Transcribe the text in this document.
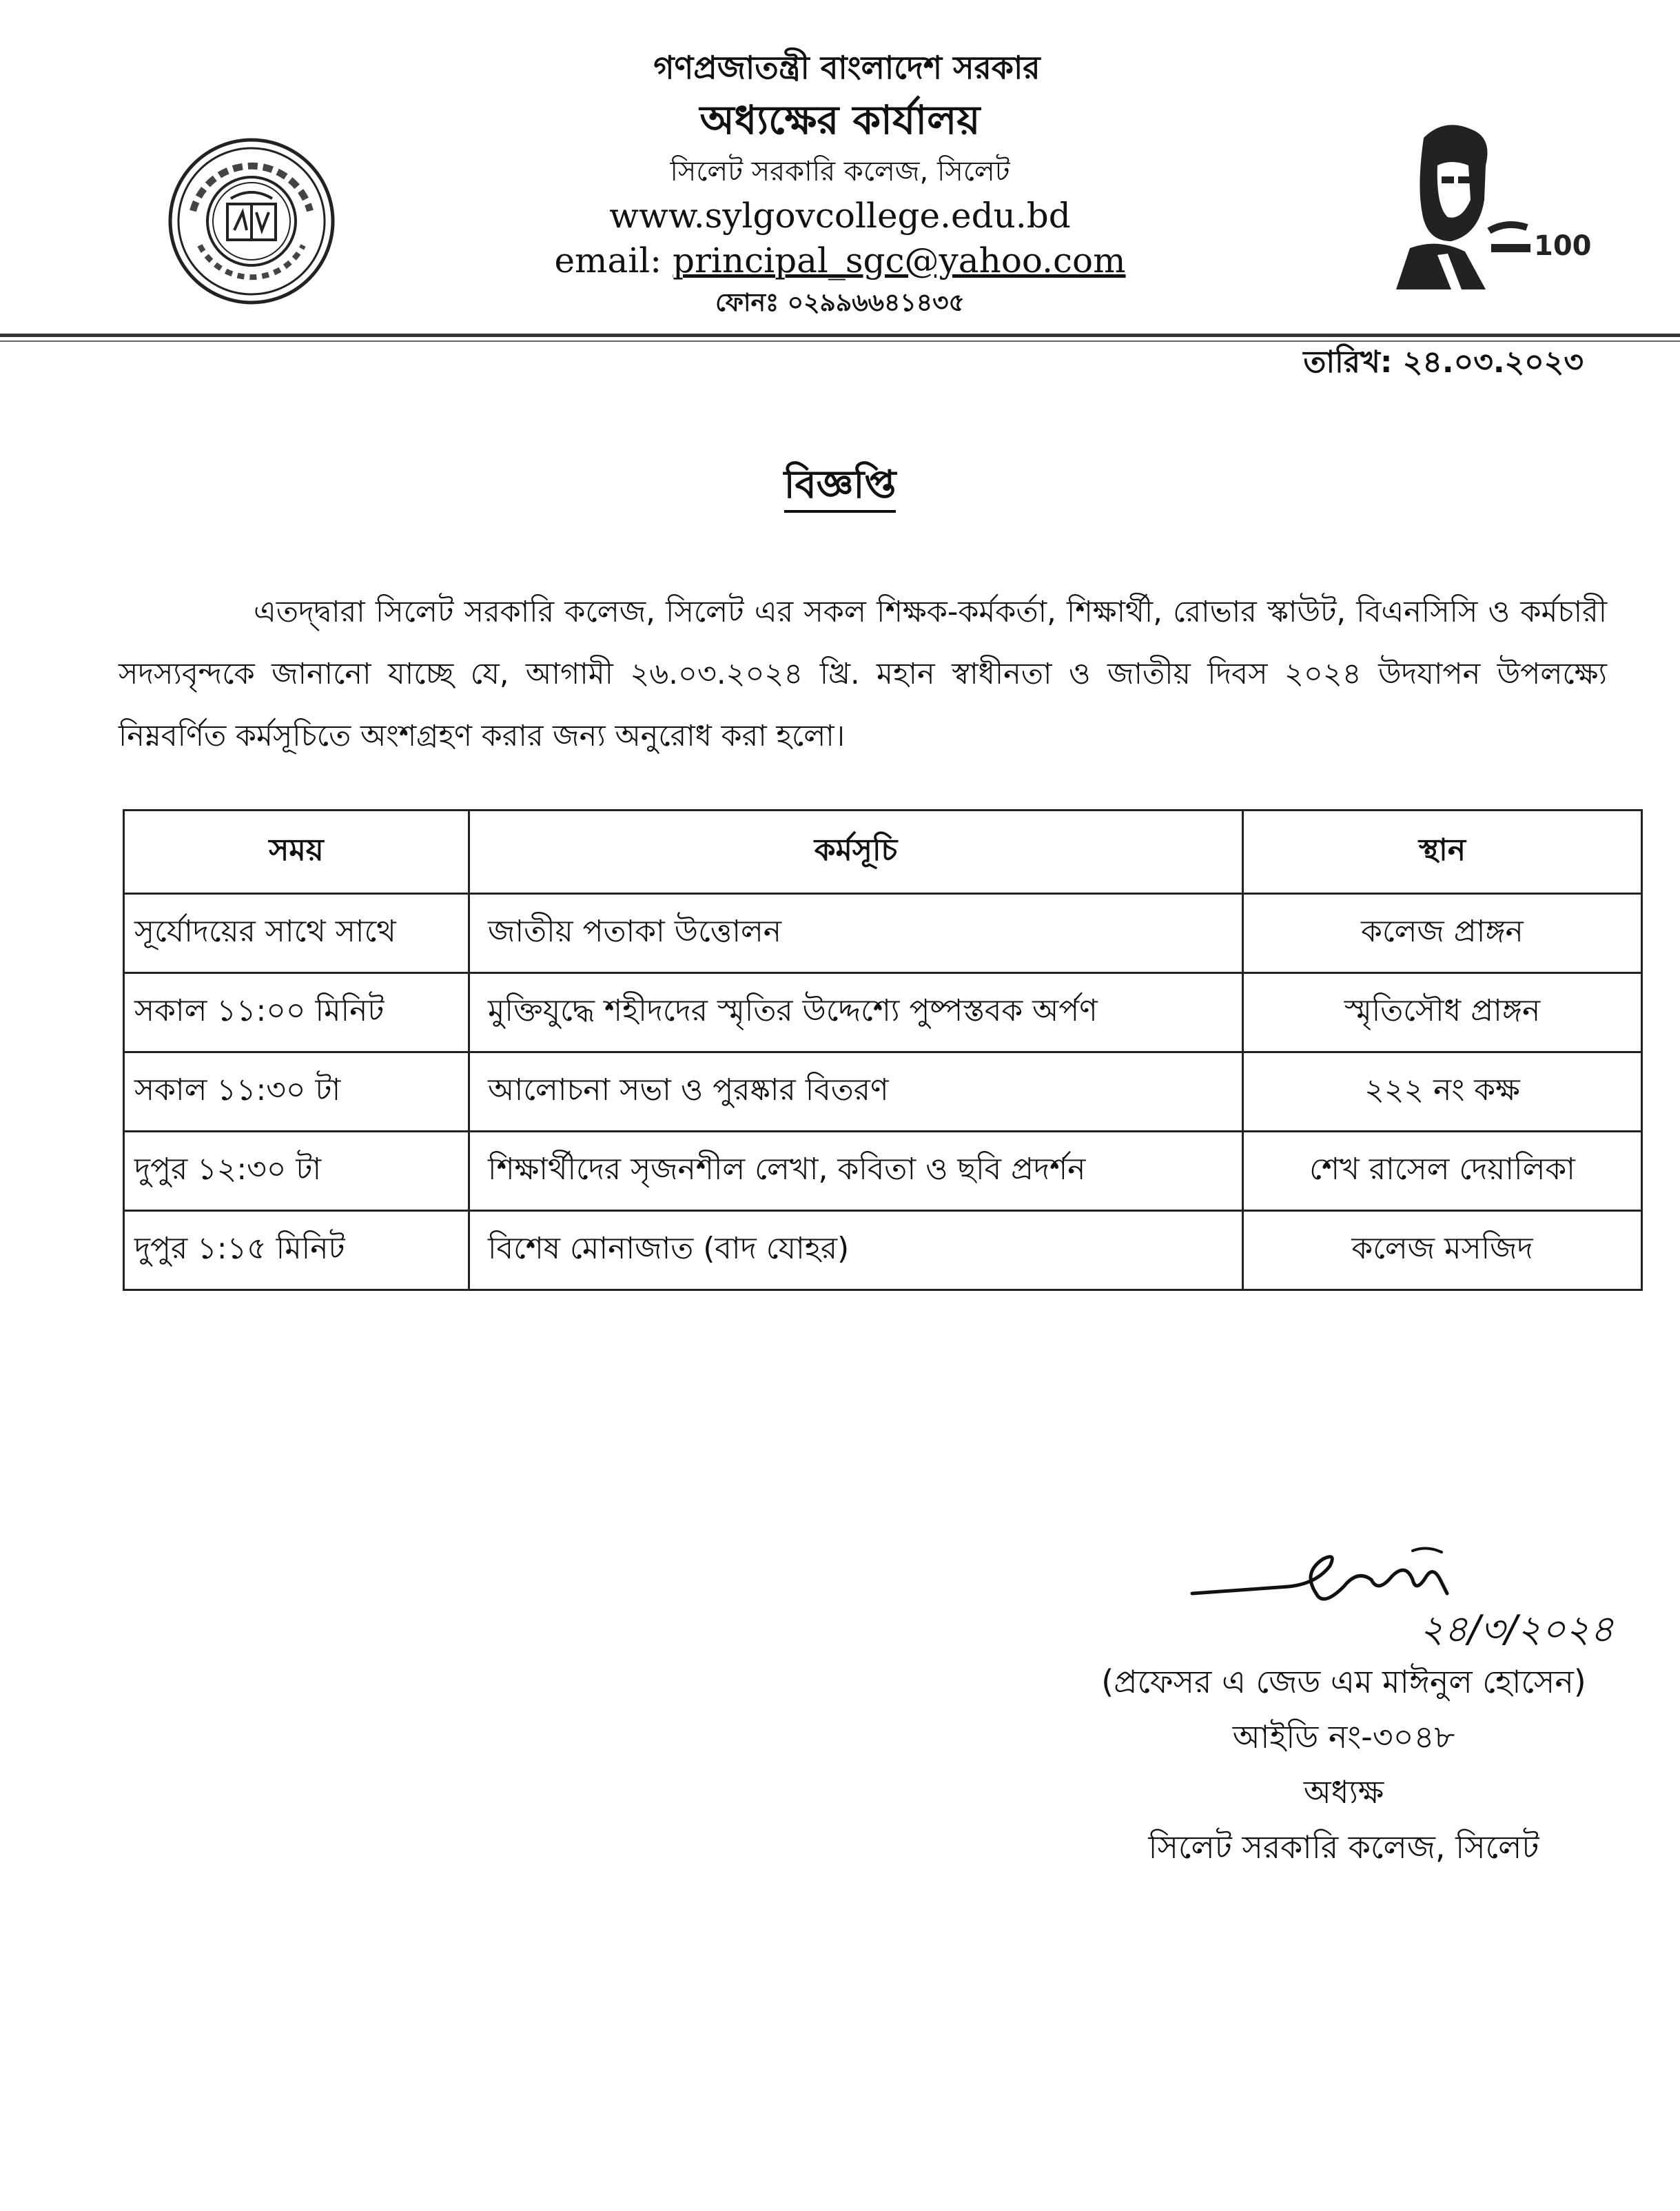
100
গণপ্রজাতন্ত্রী বাংলাদেশ সরকার
অধ্যক্ষের কার্যালয়
সিলেট সরকারি কলেজ, সিলেট
www.sylgovcollege.edu.bd
email: principal_sgc@yahoo.com
ফোনঃ ০২৯৯৬৬৪১৪৩৫
তারিখ: ২৪.০৩.২০২৩
বিজ্ঞপ্তি

এতদ্দ্বারা সিলেট সরকারি কলেজ, সিলেট এর সকল শিক্ষক-কর্মকর্তা, শিক্ষার্থী, রোভার স্কাউট, বিএনসিসি ও কর্মচারী সদস্যবৃন্দকে জানানো যাচ্ছে যে, আগামী ২৬.০৩.২০২৪ খ্রি. মহান স্বাধীনতা ও জাতীয় দিবস ২০২৪ উদযাপন উপলক্ষ্যে নিম্নবর্ণিত কর্মসূচিতে অংশগ্রহণ করার জন্য অনুরোধ করা হলো।

সময়	কর্মসূচি	স্থান
সূর্যোদয়ের সাথে সাথে	জাতীয় পতাকা উত্তোলন	কলেজ প্রাঙ্গন
সকাল ১১:০০ মিনিট	মুক্তিযুদ্ধে শহীদদের স্মৃতির উদ্দেশ্যে পুষ্পস্তবক অর্পণ	স্মৃতিসৌধ প্রাঙ্গন
সকাল ১১:৩০ টা	আলোচনা সভা ও পুরষ্কার বিতরণ	২২২ নং কক্ষ
দুপুর ১২:৩০ টা	শিক্ষার্থীদের সৃজনশীল লেখা, কবিতা ও ছবি প্রদর্শন	শেখ রাসেল দেয়ালিকা
দুপুর ১:১৫ মিনিট	বিশেষ মোনাজাত (বাদ যোহর)	কলেজ মসজিদ
২৪/৩/২০২৪
(প্রফেসর এ জেড এম মাঈনুল হোসেন)
আইডি নং-৩০৪৮
অধ্যক্ষ
সিলেট সরকারি কলেজ, সিলেট
